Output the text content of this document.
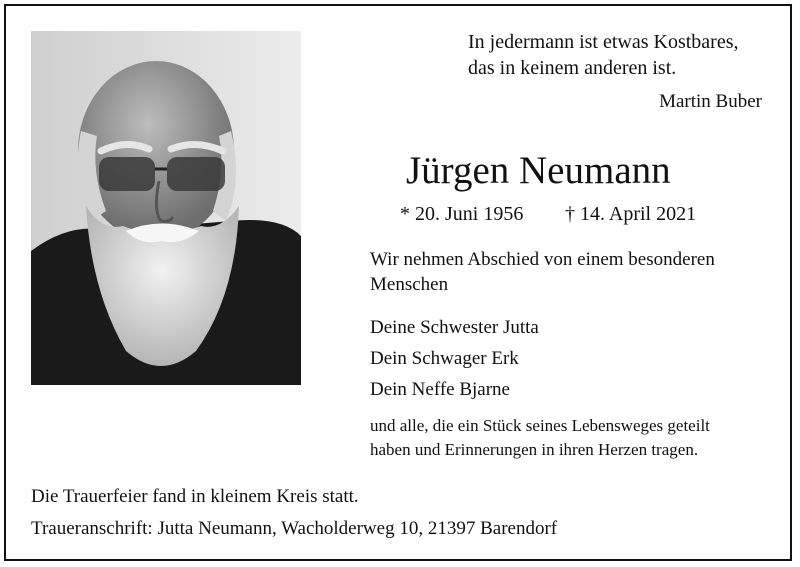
In jedermann ist etwas Kostbares,
das in keinem anderen ist.
Martin Buber
Jürgen Neumann
* 20. Juni 1956 † 14. April 2021
Wir nehmen Abschied von einem besonderen
Menschen
Deine Schwester Jutta
Dein Schwager Erk
Dein Neffe Bjarne
und alle, die ein Stück seines Lebensweges geteilt
haben und Erinnerungen in ihren Herzen tragen.
Die Trauerfeier fand in kleinem Kreis statt.
Traueranschrift: Jutta Neumann, Wacholderweg 10, 21397 Barendorf
